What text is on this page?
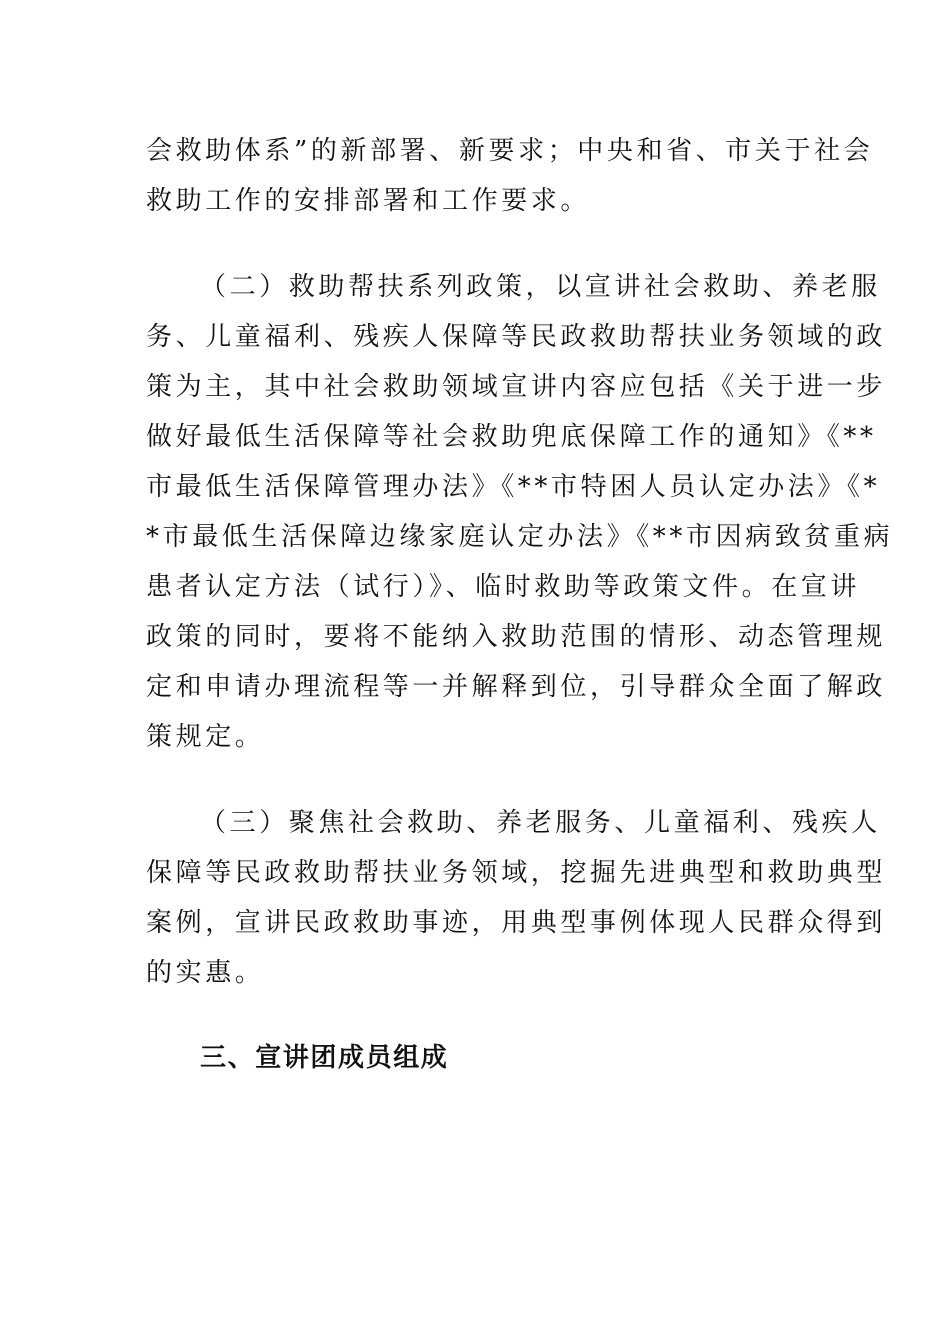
会救助体系”的新部署、新要求；中央和省、市关于社会
救助工作的安排部署和工作要求。
（二）救助帮扶系列政策，以宣讲社会救助、养老服
务、儿童福利、残疾人保障等民政救助帮扶业务领域的政
策为主，其中社会救助领域宣讲内容应包括《关于进一步
做好最低生活保障等社会救助兜底保障工作的通知》《**
市最低生活保障管理办法》《**市特困人员认定办法》《*
*市最低生活保障边缘家庭认定办法》《**市因病致贫重病
患者认定方法（试行）》、临时救助等政策文件。在宣讲
政策的同时，要将不能纳入救助范围的情形、动态管理规
定和申请办理流程等一并解释到位，引导群众全面了解政
策规定。
（三）聚焦社会救助、养老服务、儿童福利、残疾人
保障等民政救助帮扶业务领域，挖掘先进典型和救助典型
案例，宣讲民政救助事迹，用典型事例体现人民群众得到
的实惠。
三、宣讲团成员组成
